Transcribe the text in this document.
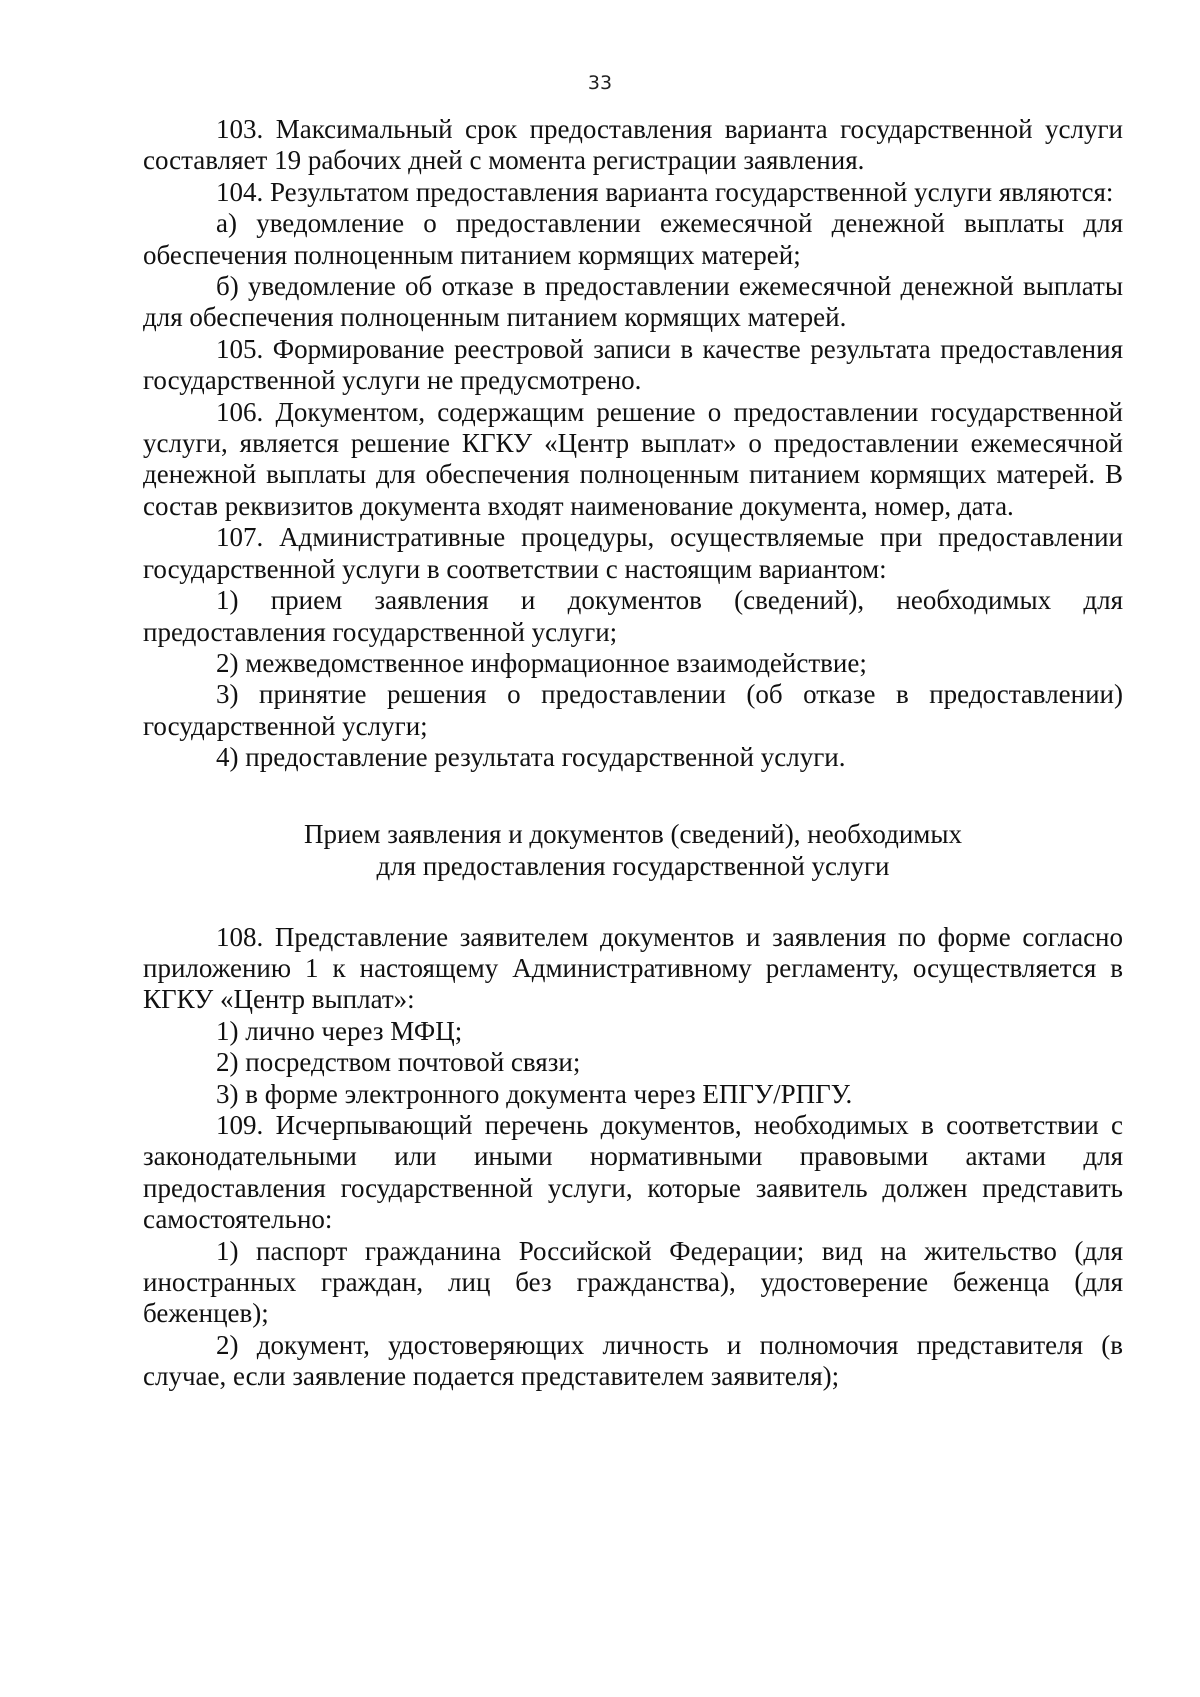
33

103. Максимальный срок предоставления варианта государственной услуги составляет 19 рабочих дней с момента регистрации заявления.

104. Результатом предоставления варианта государственной услуги являются:

а) уведомление о предоставлении ежемесячной денежной выплаты для обеспечения полноценным питанием кормящих матерей;

б) уведомление об отказе в предоставлении ежемесячной денежной выплаты для обеспечения полноценным питанием кормящих матерей.

105. Формирование реестровой записи в качестве результата предоставления государственной услуги не предусмотрено.

106. Документом, содержащим решение о предоставлении государственной услуги, является решение КГКУ «Центр выплат» о предоставлении ежемесячной денежной выплаты для обеспечения полноценным питанием кормящих матерей. В состав реквизитов документа входят наименование документа, номер, дата.

107. Административные процедуры, осуществляемые при предоставлении государственной услуги в соответствии с настоящим вариантом:

1) прием заявления и документов (сведений), необходимых для предоставления государственной услуги;

2) межведомственное информационное взаимодействие;

3) принятие решения о предоставлении (об отказе в предоставлении) государственной услуги;

4) предоставление результата государственной услуги.

Прием заявления и документов (сведений), необходимых

для предоставления государственной услуги

108. Представление заявителем документов и заявления по форме согласно приложению 1 к настоящему Административному регламенту, осуществляется в КГКУ «Центр выплат»:

1) лично через МФЦ;

2) посредством почтовой связи;

3) в форме электронного документа через ЕПГУ/РПГУ.

109. Исчерпывающий перечень документов, необходимых в соответствии с законодательными или иными нормативными правовыми актами для предоставления государственной услуги, которые заявитель должен представить самостоятельно:

1) паспорт гражданина Российской Федерации; вид на жительство (для иностранных граждан, лиц без гражданства), удостоверение беженца (для беженцев);

2) документ, удостоверяющих личность и полномочия представителя (в случае, если заявление подается представителем заявителя);
